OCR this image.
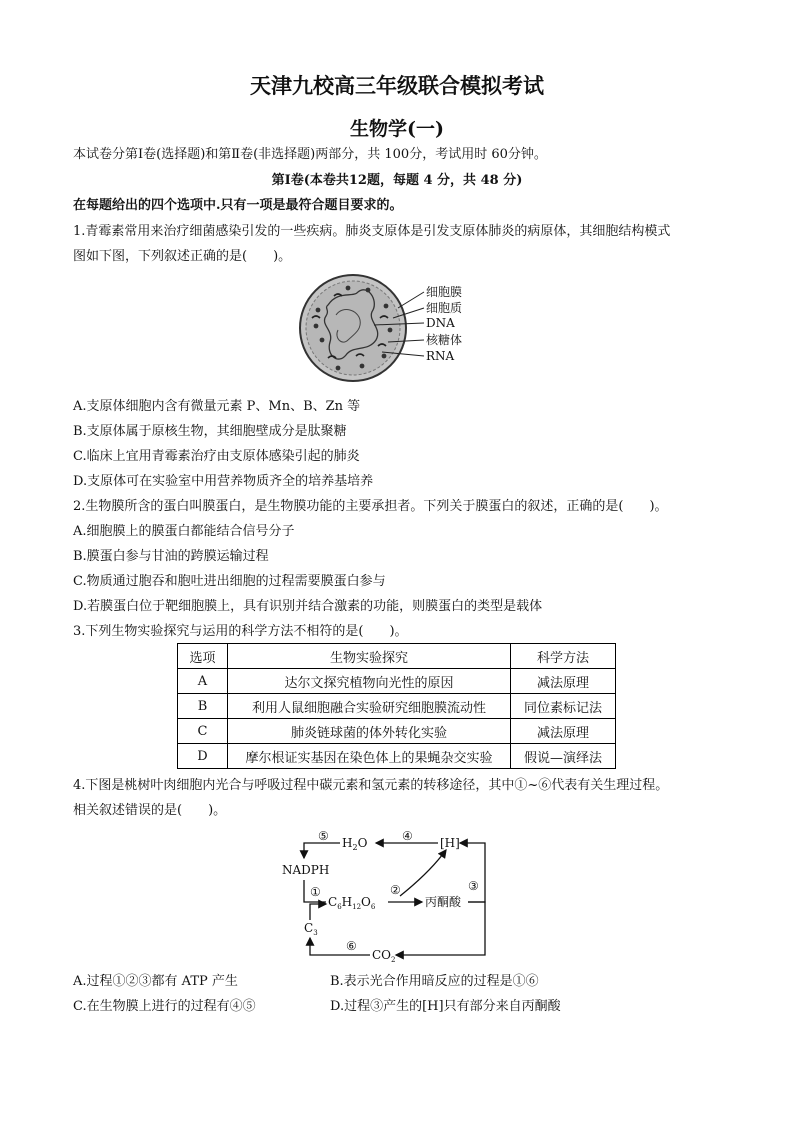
天津九校高三年级联合模拟考试
生物学(一)
本试卷分第Ⅰ卷(选择题)和第Ⅱ卷(非选择题)两部分，共 100分，考试用时 60分钟。
第Ⅰ卷(本卷共12题，每题 4 分，共 48 分)
在每题给出的四个选项中.只有一项是最符合题目要求的。
1.青霉素常用来治疗细菌感染引发的一些疾病。肺炎支原体是引发支原体肺炎的病原体，其细胞结构模式
图如下图，下列叙述正确的是(　　)。
细胞膜
细胞质
DNA
核糖体
RNA
A.支原体细胞内含有微量元素 P、Mn、B、Zn 等
B.支原体属于原核生物，其细胞壁成分是肽聚糖
C.临床上宜用青霉素治疗由支原体感染引起的肺炎
D.支原体可在实验室中用营养物质齐全的培养基培养
2.生物膜所含的蛋白叫膜蛋白，是生物膜功能的主要承担者。下列关于膜蛋白的叙述，正确的是(　　)。
A.细胞膜上的膜蛋白都能结合信号分子
B.膜蛋白参与甘油的跨膜运输过程
C.物质通过胞吞和胞吐进出细胞的过程需要膜蛋白参与
D.若膜蛋白位于靶细胞膜上，具有识别并结合激素的功能，则膜蛋白的类型是载体
3.下列生物实验探究与运用的科学方法不相符的是(　　)。
选项	生物实验探究	科学方法
A	达尔文探究植物向光性的原因	减法原理
B	利用人鼠细胞融合实验研究细胞膜流动性	同位素标记法
C	肺炎链球菌的体外转化实验	减法原理
D	摩尔根证实基因在染色体上的果蝇杂交实验	假说—演绎法
4.下图是桃树叶肉细胞内光合与呼吸过程中碳元素和氢元素的转移途径，其中①~⑥代表有关生理过程。
相关叙述错误的是(　　)。
NADPH
$H_2O$	[H]
$C_6H_{12}O_6$	丙酮酸
$C_3$
$CO_2$
⑤	④
①	②	③
⑥
A.过程①②③都有 ATP 产生	B.表示光合作用暗反应的过程是①⑥
C.在生物膜上进行的过程有④⑤	D.过程③产生的[H]只有部分来自丙酮酸
